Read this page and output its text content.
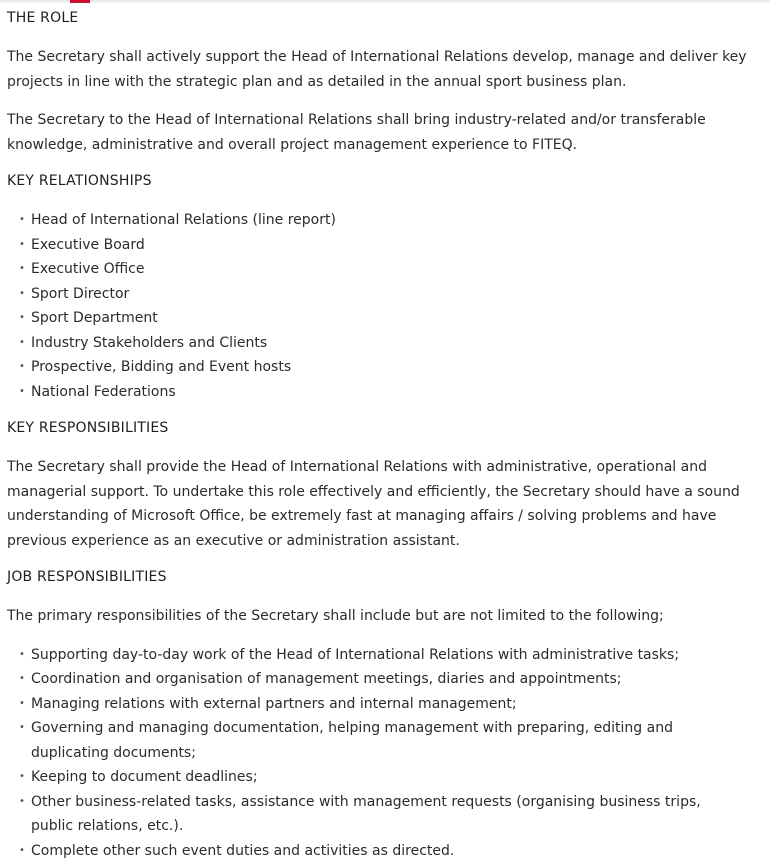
THE ROLE

The Secretary shall actively support the Head of International Relations develop, manage and deliver key projects in line with the strategic plan and as detailed in the annual sport business plan.

The Secretary to the Head of International Relations shall bring industry-related and/or transferable knowledge, administrative and overall project management experience to FITEQ.

KEY RELATIONSHIPS
• Head of International Relations (line report)
• Executive Board
• Executive Office
• Sport Director
• Sport Department
• Industry Stakeholders and Clients
• Prospective, Bidding and Event hosts
• National Federations
KEY RESPONSIBILITIES

The Secretary shall provide the Head of International Relations with administrative, operational and managerial support. To undertake this role effectively and efficiently, the Secretary should have a sound understanding of Microsoft Office, be extremely fast at managing affairs / solving problems and have previous experience as an executive or administration assistant.

JOB RESPONSIBILITIES

The primary responsibilities of the Secretary shall include but are not limited to the following;

• Supporting day-to-day work of the Head of International Relations with administrative tasks;
• Coordination and organisation of management meetings, diaries and appointments;
• Managing relations with external partners and internal management;
• Governing and managing documentation, helping management with preparing, editing and duplicating documents;
• Keeping to document deadlines;
• Other business-related tasks, assistance with management requests (organising business trips, public relations, etc.).
• Complete other such event duties and activities as directed.
